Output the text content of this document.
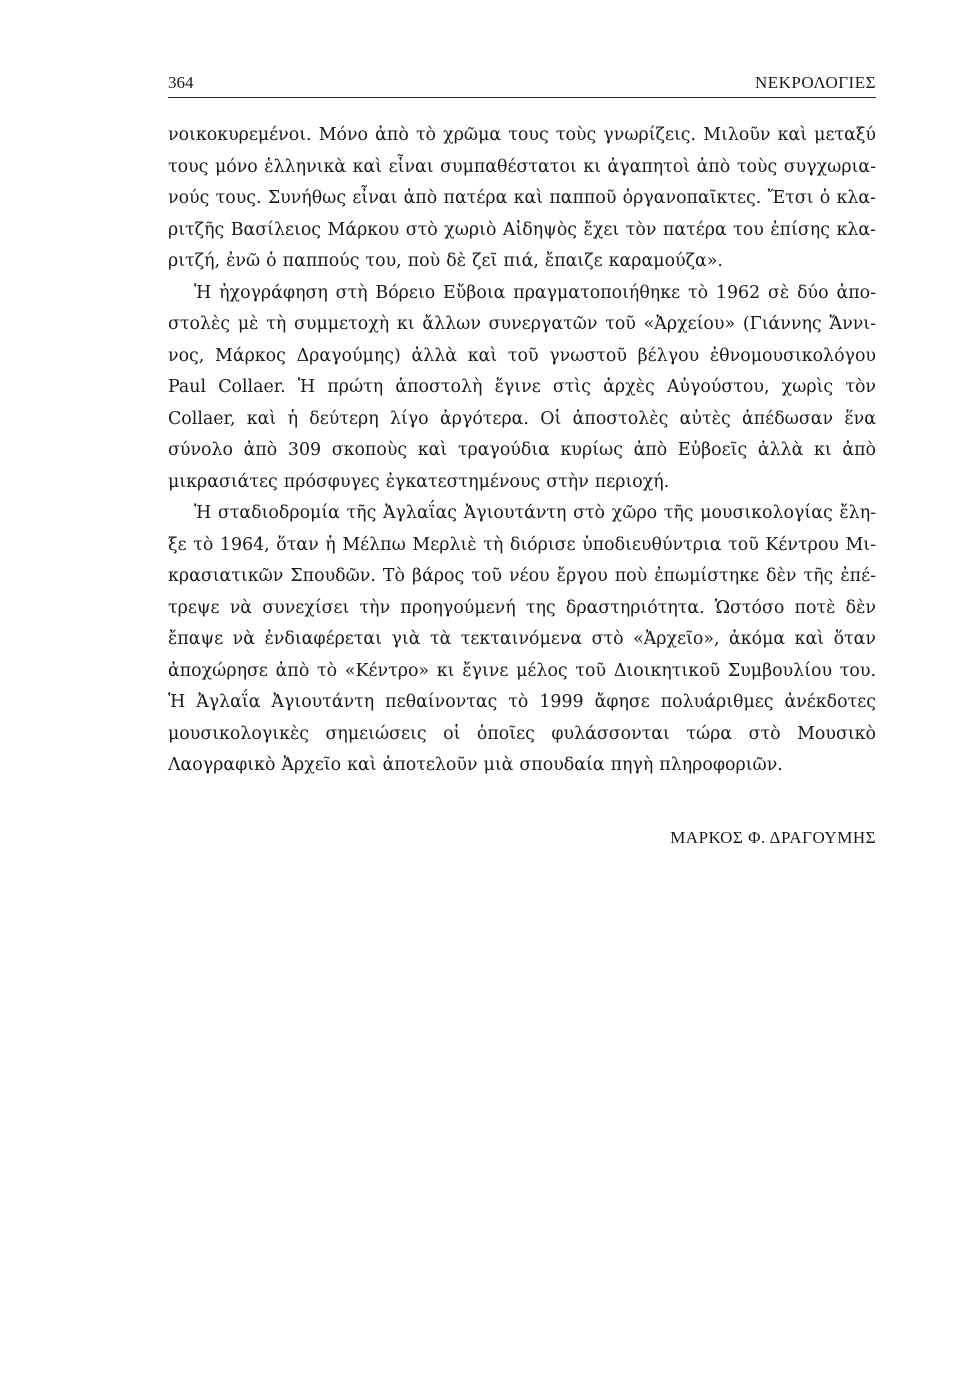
364	ΝΕΚΡΟΛΟΓΙΕΣ

νοικοκυρεμένοι. Μόνο ἀπὸ τὸ χρῶμα τους τοὺς γνωρίζεις. Μιλοῦν καὶ μεταξύ τους μόνο ἑλληνικὰ καὶ εἶναι συμπαθέστατοι κι ἀγαπητοὶ ἀπὸ τοὺς συγχωριανούς τους. Συνήθως εἶναι ἀπὸ πατέρα καὶ παπποῦ ὀργανοπαῖκτες. Ἔτσι ὁ κλαριτζῆς Βασίλειος Μάρκου στὸ χωριὸ Αἰδηψὸς ἔχει τὸν πατέρα του ἐπίσης κλαριτζή, ἐνῶ ὁ παππούς του, ποὺ δὲ ζεῖ πιά, ἔπαιζε καραμούζα».

Ἡ ἠχογράφηση στὴ Βόρειο Εὔβοια πραγματοποιήθηκε τὸ 1962 σὲ δύο ἀποστολὲς μὲ τὴ συμμετοχὴ κι ἄλλων συνεργατῶν τοῦ «Ἀρχείου» (Γιάννης Ἄννινος, Μάρκος Δραγούμης) ἀλλὰ καὶ τοῦ γνωστοῦ βέλγου ἐθνομουσικολόγου Paul Collaer. Ἡ πρώτη ἀποστολὴ ἔγινε στὶς ἀρχὲς Αὐγούστου, χωρὶς τὸν Collaer, καὶ ἡ δεύτερη λίγο ἀργότερα. Οἱ ἀποστολὲς αὐτὲς ἀπέδωσαν ἕνα σύνολο ἀπὸ 309 σκοποὺς καὶ τραγούδια κυρίως ἀπὸ Εὐβοεῖς ἀλλὰ κι ἀπὸ μικρασιάτες πρόσφυγες ἐγκατεστημένους στὴν περιοχή.

Ἡ σταδιοδρομία τῆς Ἀγλαΐας Ἀγιουτάντη στὸ χῶρο τῆς μουσικολογίας ἔληξε τὸ 1964, ὅταν ἡ Μέλπω Μερλιὲ τὴ διόρισε ὑποδιευθύντρια τοῦ Κέντρου Μικρασιατικῶν Σπουδῶν. Τὸ βάρος τοῦ νέου ἔργου ποὺ ἐπωμίστηκε δὲν τῆς ἐπέτρεψε νὰ συνεχίσει τὴν προηγούμενή της δραστηριότητα. Ὡστόσο ποτὲ δὲν ἔπαψε νὰ ἐνδιαφέρεται γιὰ τὰ τεκταινόμενα στὸ «Ἀρχεῖο», ἀκόμα καὶ ὅταν ἀποχώρησε ἀπὸ τὸ «Κέντρο» κι ἔγινε μέλος τοῦ Διοικητικοῦ Συμβουλίου του. Ἡ Ἀγλαΐα Ἀγιουτάντη πεθαίνοντας τὸ 1999 ἄφησε πολυάριθμες ἀνέκδοτες μουσικολογικὲς σημειώσεις οἱ ὁποῖες φυλάσσονται τώρα στὸ Μουσικὸ Λαογραφικὸ Ἀρχεῖο καὶ ἀποτελοῦν μιὰ σπουδαία πηγὴ πληροφοριῶν.

ΜΑΡΚΟΣ Φ. ΔΡΑΓΟΥΜΗΣ
